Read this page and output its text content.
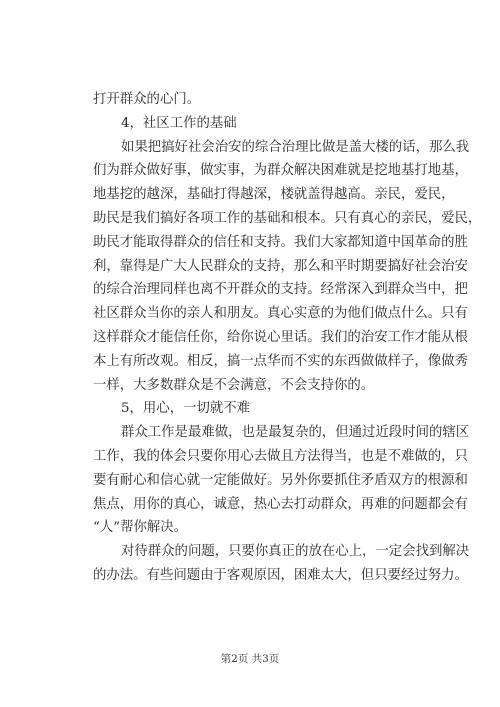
打开群众的心门。
4，社区工作的基础
如果把搞好社会治安的综合治理比做是盖大楼的话，那么我
们为群众做好事，做实事，为群众解决困难就是挖地基打地基，
地基挖的越深，基础打得越深，楼就盖得越高。亲民，爱民，
助民是我们搞好各项工作的基础和根本。只有真心的亲民，爱民，
助民才能取得群众的信任和支持。我们大家都知道中国革命的胜
利，靠得是广大人民群众的支持，那么和平时期要搞好社会治安
的综合治理同样也离不开群众的支持。经常深入到群众当中，把
社区群众当你的亲人和朋友。真心实意的为他们做点什么。只有
这样群众才能信任你，给你说心里话。我们的治安工作才能从根
本上有所改观。相反，搞一点华而不实的东西做做样子，像做秀
一样，大多数群众是不会满意，不会支持你的。
5，用心，一切就不难
群众工作是最难做，也是最复杂的，但通过近段时间的辖区
工作，我的体会只要你用心去做且方法得当，也是不难做的，只
要有耐心和信心就一定能做好。另外你要抓住矛盾双方的根源和
焦点，用你的真心，诚意，热心去打动群众，再难的问题都会有
“人”帮你解决。
对待群众的问题，只要你真正的放在心上，一定会找到解决
的办法。有些问题由于客观原因，困难太大，但只要经过努力。
第2页 共3页
